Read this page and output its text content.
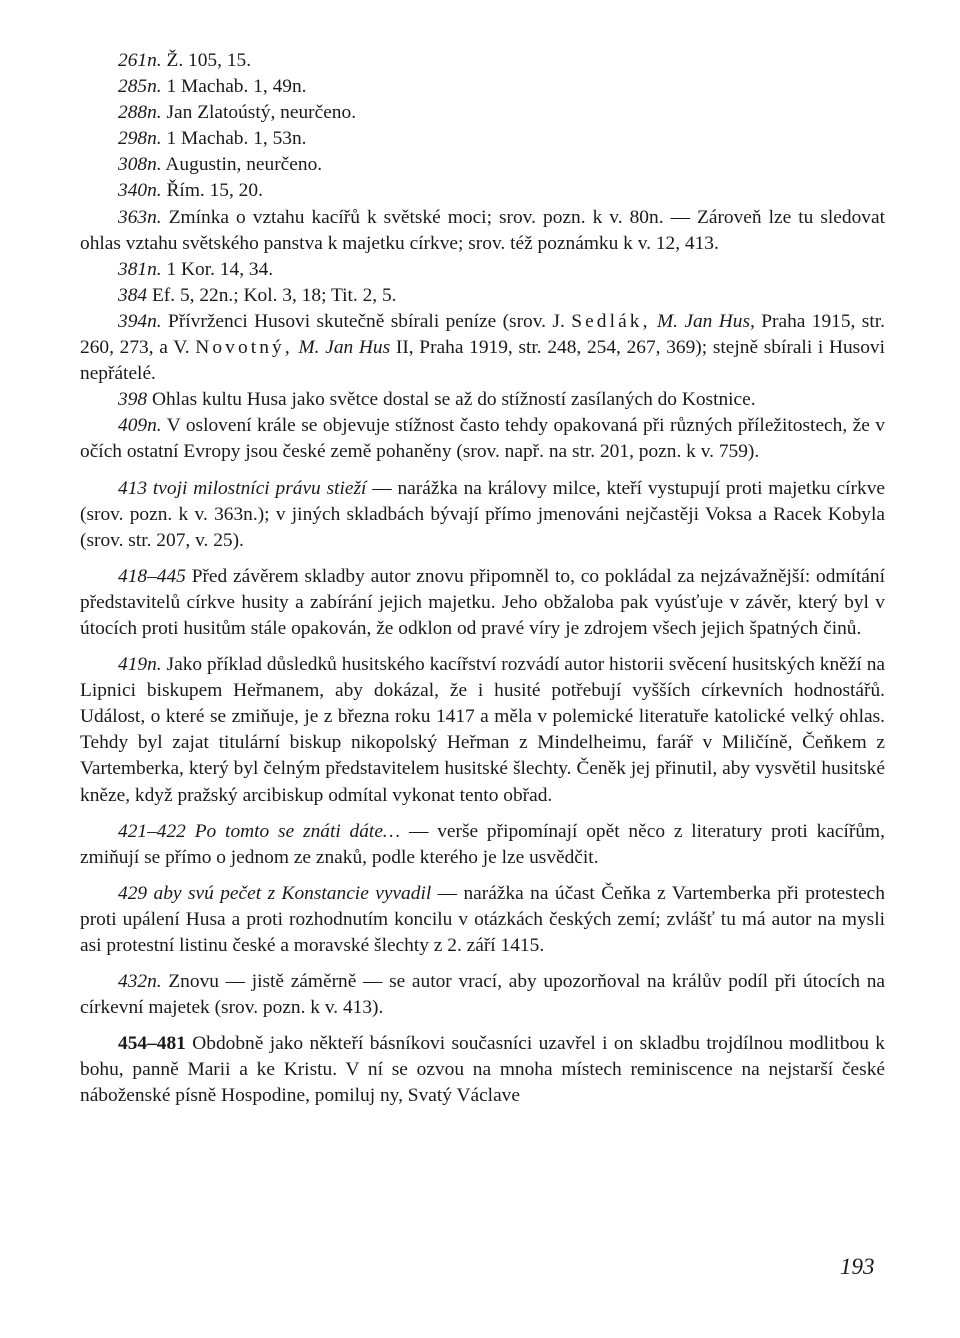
261n. Ž. 105, 15.

285n. 1 Machab. 1, 49n.

288n. Jan Zlatoústý, neurčeno.

298n. 1 Machab. 1, 53n.

308n. Augustin, neurčeno.

340n. Řím. 15, 20.

363n. Zmínka o vztahu kacířů k světské moci; srov. pozn. k v. 80n. — Zároveň lze tu sledovat ohlas vztahu světského panstva k majetku církve; srov. též poznámku k v. 12, 413.

381n. 1 Kor. 14, 34.

384 Ef. 5, 22n.; Kol. 3, 18; Tit. 2, 5.

394n. Přívrženci Husovi skutečně sbírali peníze (srov. J. Sedlák, M. Jan Hus, Praha 1915, str. 260, 273, a V. Novotný, M. Jan Hus II, Praha 1919, str. 248, 254, 267, 369); stejně sbírali i Husovi nepřátelé.

398 Ohlas kultu Husa jako světce dostal se až do stížností zasílaných do Kostnice.

409n. V oslovení krále se objevuje stížnost často tehdy opakovaná při různých příležitostech, že v očích ostatní Evropy jsou české země pohaněny (srov. např. na str. 201, pozn. k v. 759).

413 tvoji milostníci právu stieží — narážka na královy milce, kteří vystupují proti majetku církve (srov. pozn. k v. 363n.); v jiných skladbách bývají přímo jmenováni nejčastěji Voksa a Racek Kobyla (srov. str. 207, v. 25).

418–445 Před závěrem skladby autor znovu připomněl to, co pokládal za nejzávažnější: odmítání představitelů církve husity a zabírání jejich majetku. Jeho obžaloba pak vyúsťuje v závěr, který byl v útocích proti husitům stále opakován, že odklon od pravé víry je zdrojem všech jejich špatných činů.

419n. Jako příklad důsledků husitského kacířství rozvádí autor historii svěcení husitských kněží na Lipnici biskupem Heřmanem, aby dokázal, že i husité potřebují vyšších církevních hodnostářů. Událost, o které se zmiňuje, je z března roku 1417 a měla v polemické literatuře katolické velký ohlas. Tehdy byl zajat titulární biskup nikopolský Heřman z Mindelheimu, farář v Miličíně, Čeňkem z Vartemberka, který byl čelným představitelem husitské šlechty. Čeněk jej přinutil, aby vysvětil husitské kněze, když pražský arcibiskup odmítal vykonat tento obřad.

421–422 Po tomto se znáti dáte… — verše připomínají opět něco z literatury proti kacířům, zmiňují se přímo o jednom ze znaků, podle kterého je lze usvědčit.

429 aby svú pečet z Konstancie vyvadil — narážka na účast Čeňka z Vartemberka při protestech proti upálení Husa a proti rozhodnutím koncilu v otázkách českých zemí; zvlášť tu má autor na mysli asi protestní listinu české a moravské šlechty z 2. září 1415.

432n. Znovu — jistě záměrně — se autor vrací, aby upozorňoval na králův podíl při útocích na církevní majetek (srov. pozn. k v. 413).

454–481 Obdobně jako někteří básníkovi současníci uzavřel i on skladbu trojdílnou modlitbou k bohu, panně Marii a ke Kristu. V ní se ozvou na mnoha místech reminiscence na nejstarší české náboženské písně Hospodine, pomiluj ny, Svatý Václave

193
